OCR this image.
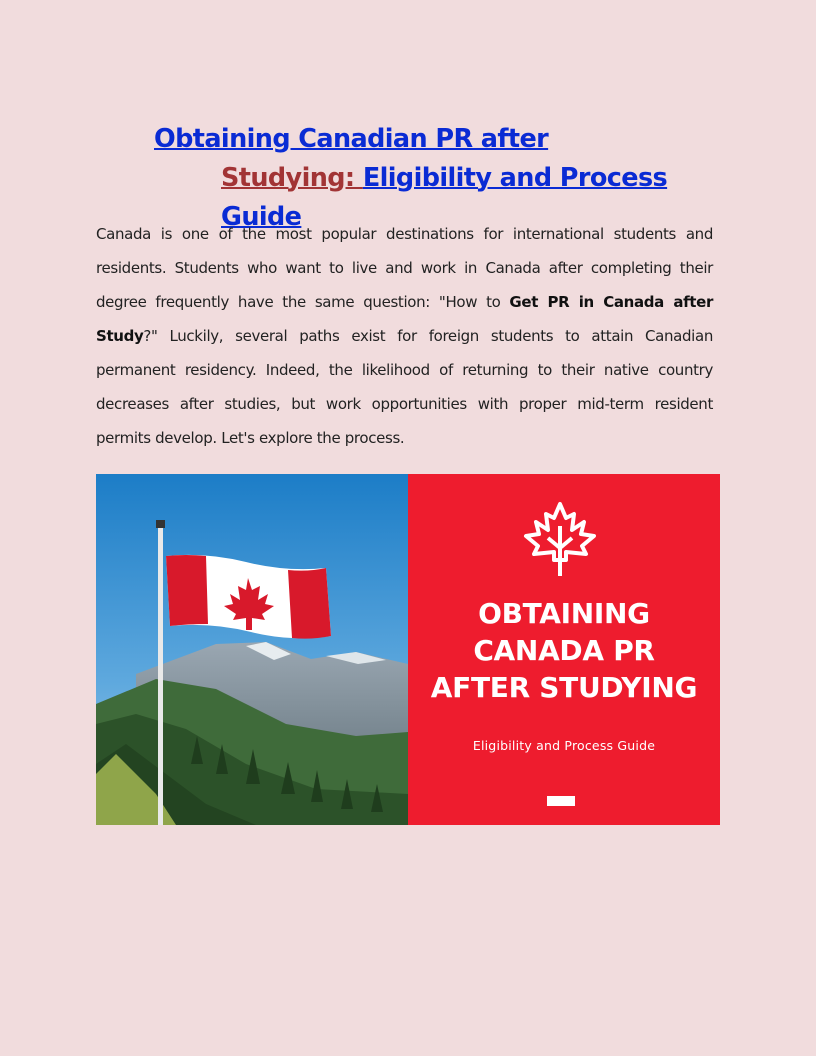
Obtaining Canadian PR after
Studying: Eligibility and Process
Guide

Canada is one of the most popular destinations for international students and residents. Students who want to live and work in Canada after completing their degree frequently have the same question: "How to Get PR in Canada after Study?" Luckily, several paths exist for foreign students to attain Canadian permanent residency. Indeed, the likelihood of returning to their native country decreases after studies, but work opportunities with proper mid-term resident permits develop. Let's explore the process.

OBTAINING
CANADA PR
AFTER STUDYING
Eligibility and Process Guide
